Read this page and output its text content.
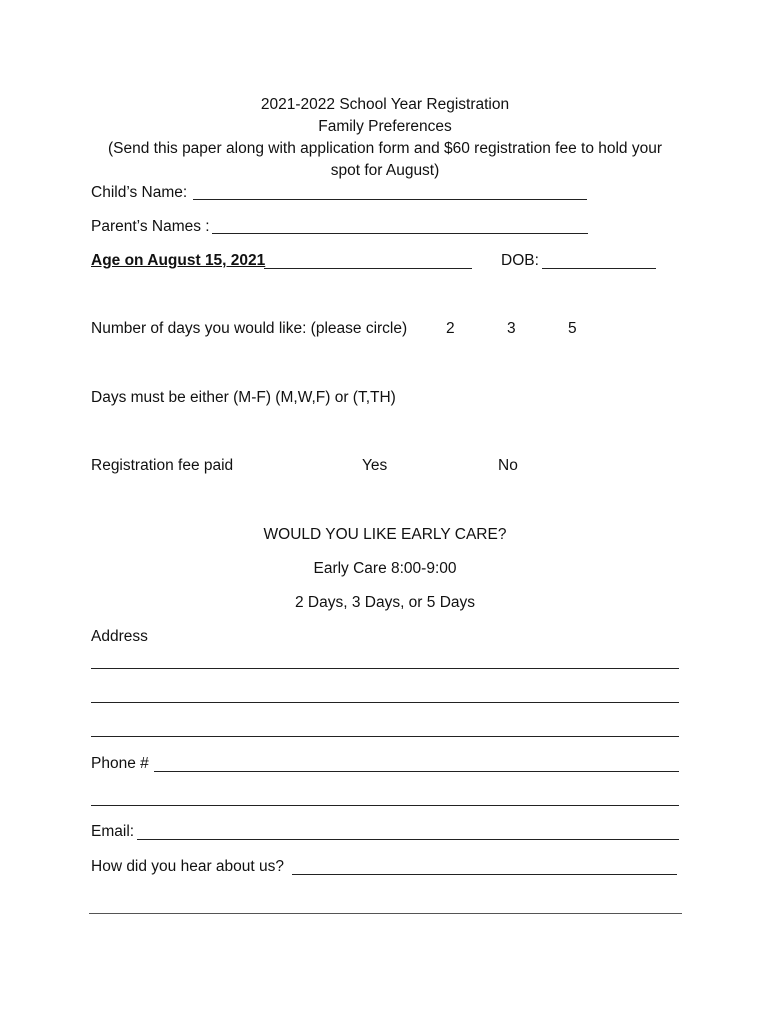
2021-2022 School Year Registration
Family Preferences
(Send this paper along with application form and $60 registration fee to hold your
spot for August)
Child’s Name:
Parent’s Names :
Age on August 15, 2021	DOB:
Number of days you would like: (please circle)	2	3	5
Days must be either (M-F) (M,W,F) or (T,TH)
Registration fee paid	Yes	No
WOULD YOU LIKE EARLY CARE?
Early Care 8:00-9:00
2 Days, 3 Days, or 5 Days
Address
Phone #
Email:
How did you hear about us?
